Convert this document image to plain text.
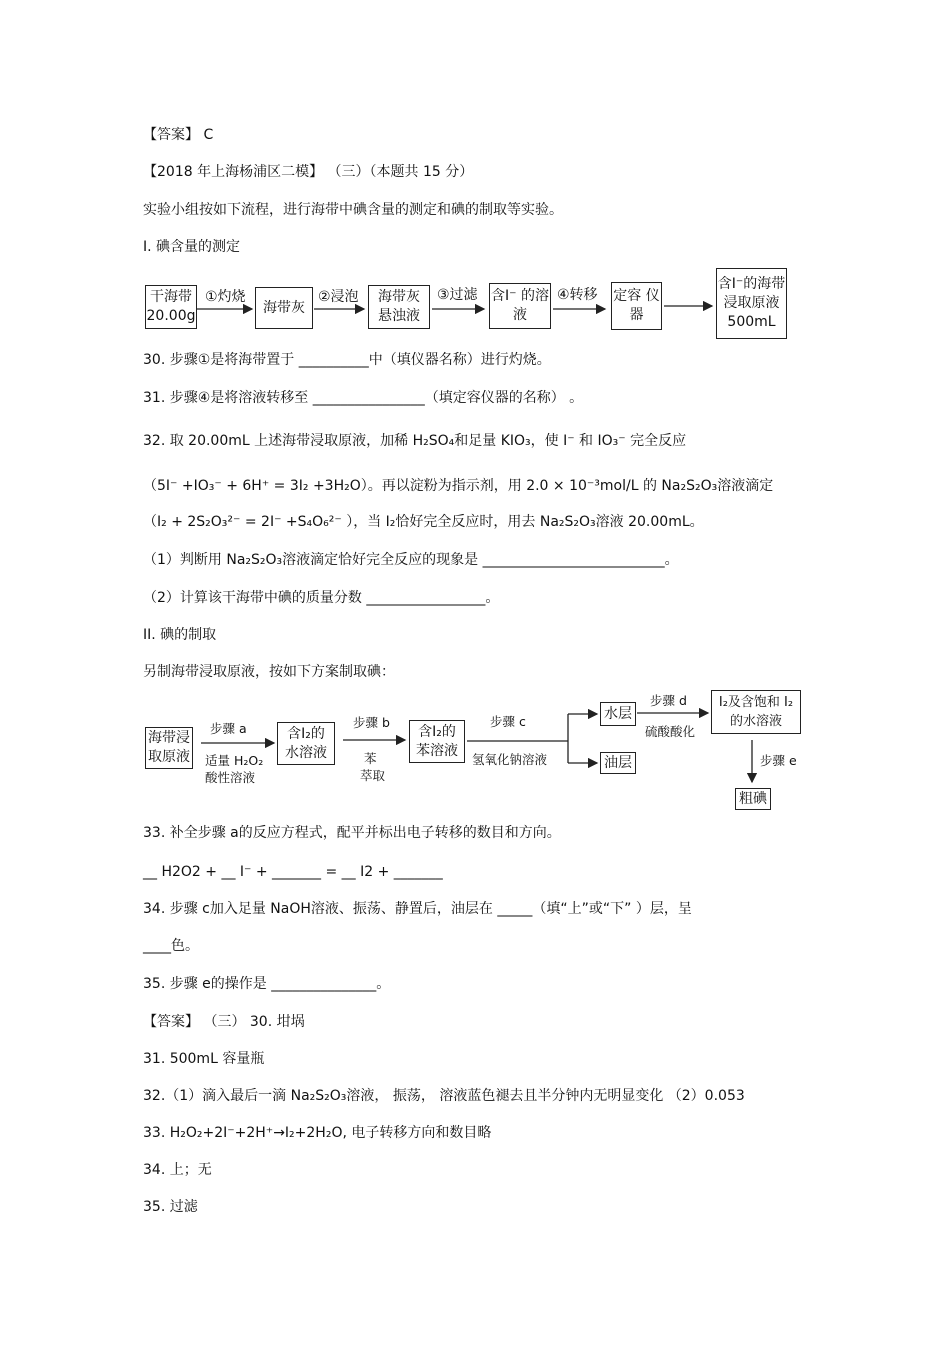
【答案】 C
【2018 年上海杨浦区二模】 （三）（本题共 15 分）
实验小组按如下流程，进行海带中碘含量的测定和碘的制取等实验。
I. 碘含量的测定
干海带 20.00g
①灼烧
海带灰
②浸泡	海带灰 悬浊液
③过滤 含I⁻ 的溶液
④转移 定容 仪器
含I⁻的海带 浸取原液 500mL
30. 步骤①是将海带置于 __________中（填仪器名称）进行灼烧。
31. 步骤④是将溶液转移至 ________________（填定容仪器的名称） 。
32. 取 20.00mL 上述海带浸取原液，加稀 H₂SO₄和足量 KIO₃，使 I⁻ 和 IO₃⁻ 完全反应
（5I⁻ +IO₃⁻ + 6H⁺ = 3I₂ +3H₂O）。再以淀粉为指示剂，用 2.0 × 10⁻³mol/L 的 Na₂S₂O₃溶液滴定
（I₂ + 2S₂O₃²⁻ = 2I⁻ +S₄O₆²⁻ ），当 I₂恰好完全反应时，用去 Na₂S₂O₃溶液 20.00mL。
（1）判断用 Na₂S₂O₃溶液滴定恰好完全反应的现象是 __________________________。
（2）计算该干海带中碘的质量分数 _________________。
II. 碘的制取
另制海带浸取原液，按如下方案制取碘：
海带浸 取原液
步骤 a
适量 H₂O₂
酸性溶液
含I₂的 水溶液
步骤 b
苯
萃取
含I₂的 苯溶液
步骤 c
氢氧化钠溶液
水层
油层
步骤 d
硫酸酸化
I₂及含饱和 I₂ 的水溶液
步骤 e
粗碘
33. 补全步骤 a的反应方程式，配平并标出电子转移的数目和方向。
__ H2O2 + __ I⁻ + _______ = __ I2 + _______
34. 步骤 c加入足量 NaOH溶液、振荡、静置后，油层在 _____（填“上”或“下” ）层，呈
____色。
35. 步骤 e的操作是 _______________。
【答案】 （三） 30. 坩埚
31. 500mL 容量瓶
32.（1）滴入最后一滴 Na₂S₂O₃溶液， 振荡， 溶液蓝色褪去且半分钟内无明显变化 （2）0.053
33. H₂O₂+2I⁻+2H⁺→I₂+2H₂O, 电子转移方向和数目略
34. 上；无
35. 过滤
